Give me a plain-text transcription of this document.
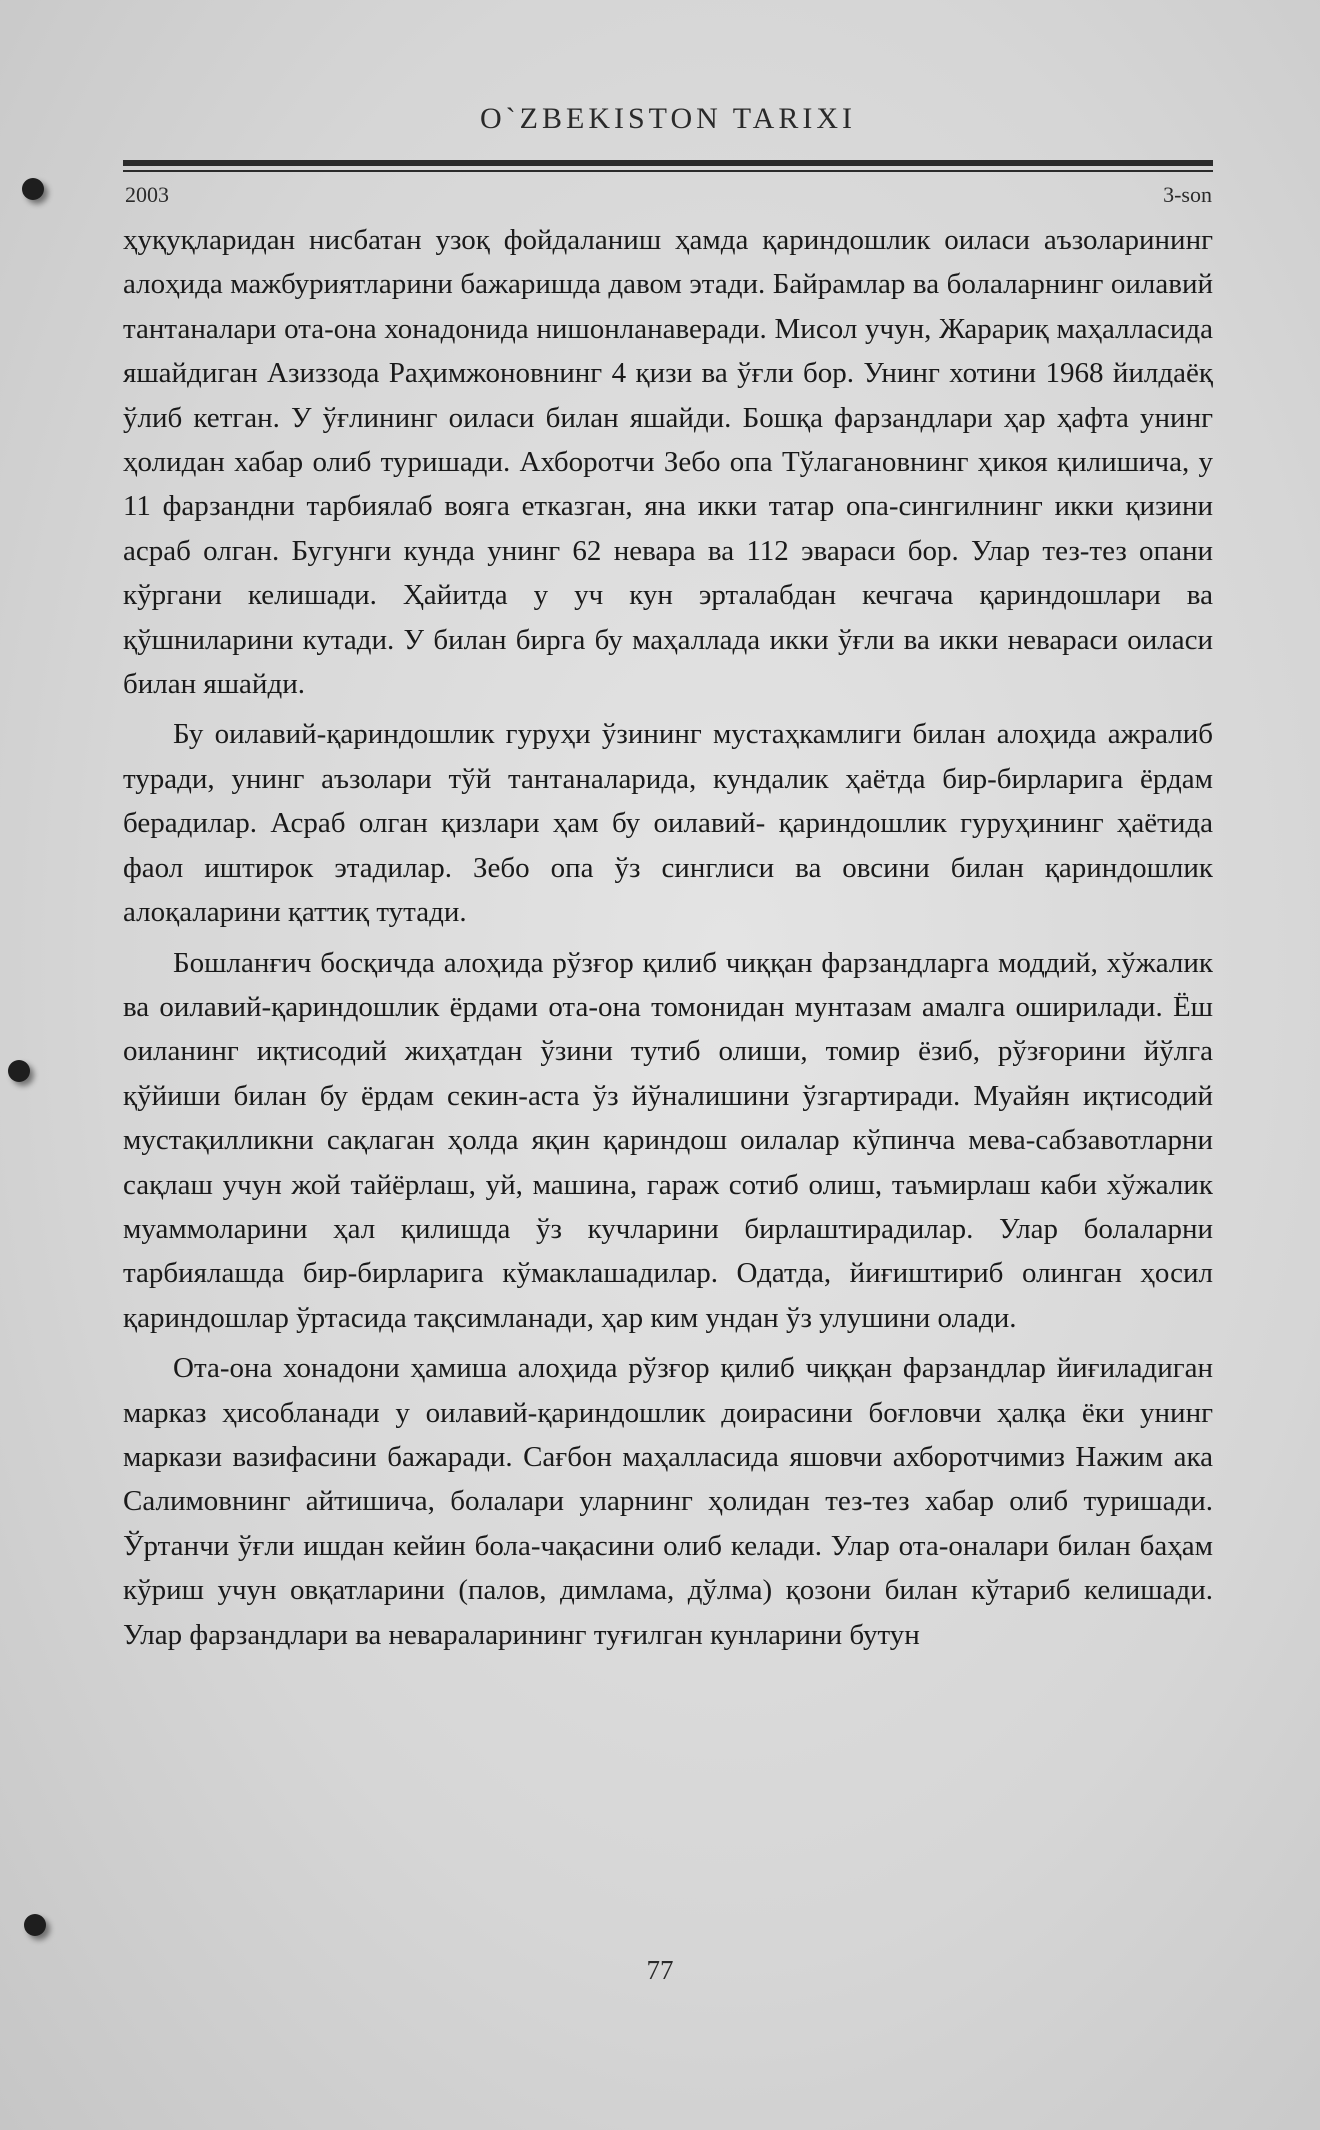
O`ZBEKISTON TARIXI
2003	3-son

ҳуқуқларидан нисбатан узоқ фойдаланиш ҳамда қариндошлик оиласи аъзоларининг алоҳида мажбуриятларини бажаришда давом этади. Байрамлар ва болаларнинг оилавий тантаналари ота-она хонадонида нишонланаверади. Мисол учун, Жарариқ маҳалласида яшайдиган Азиззода Раҳимжоновнинг 4 қизи ва ўғли бор. Унинг хотини 1968 йилдаёқ ўлиб кетган. У ўғлининг оиласи билан яшайди. Бошқа фарзандлари ҳар ҳафта унинг ҳолидан хабар олиб туришади. Ахборотчи Зебо опа Тўлагановнинг ҳикоя қилишича, у 11 фарзандни тарбиялаб вояга етказган, яна икки татар опа-сингилнинг икки қизини асраб олган. Бугунги кунда унинг 62 невара ва 112 эвараси бор. Улар тез-тез опани кўргани келишади. Ҳайитда у уч кун эрталабдан кечгача қариндошлари ва қўшниларини кутади. У билан бирга бу маҳаллада икки ўғли ва икки невараси оиласи билан яшайди.

Бу оилавий-қариндошлик гуруҳи ўзининг мустаҳкамлиги билан алоҳида ажралиб туради, унинг аъзолари тўй тантаналарида, кундалик ҳаётда бир-бирларига ёрдам берадилар. Асраб олган қизлари ҳам бу оилавий- қариндошлик гуруҳининг ҳаётида фаол иштирок этадилар. Зебо опа ўз синглиси ва овсини билан қариндошлик алоқаларини қаттиқ тутади.

Бошланғич босқичда алоҳида рўзғор қилиб чиққан фарзандларга моддий, хўжалик ва оилавий-қариндошлик ёрдами ота-она томонидан мунтазам амалга оширилади. Ёш оиланинг иқтисодий жиҳатдан ўзини тутиб олиши, томир ёзиб, рўзғорини йўлга қўйиши билан бу ёрдам секин-аста ўз йўналишини ўзгартиради. Муайян иқтисодий мустақилликни сақлаган ҳолда яқин қариндош оилалар кўпинча мева-сабзавотларни сақлаш учун жой тайёрлаш, уй, машина, гараж сотиб олиш, таъмирлаш каби хўжалик муаммоларини ҳал қилишда ўз кучларини бирлаштирадилар. Улар болаларни тарбиялашда бир-бирларига кўмаклашадилар. Одатда, йиғиштириб олинган ҳосил қариндошлар ўртасида тақсимланади, ҳар ким ундан ўз улушини олади.

Ота-она хонадони ҳамиша алоҳида рўзғор қилиб чиққан фарзандлар йиғиладиган марказ ҳисобланади у оилавий-қариндошлик доирасини боғловчи ҳалқа ёки унинг маркази вазифасини бажаради. Сағбон маҳалласида яшовчи ахборотчимиз Нажим ака Салимовнинг айтишича, болалари уларнинг ҳолидан тез-тез хабар олиб туришади. Ўртанчи ўғли ишдан кейин бола-чақасини олиб келади. Улар ота-оналари билан баҳам кўриш учун овқатларини (палов, димлама, дўлма) қозони билан кўтариб келишади. Улар фарзандлари ва невараларининг туғилган кунларини бутун

77
